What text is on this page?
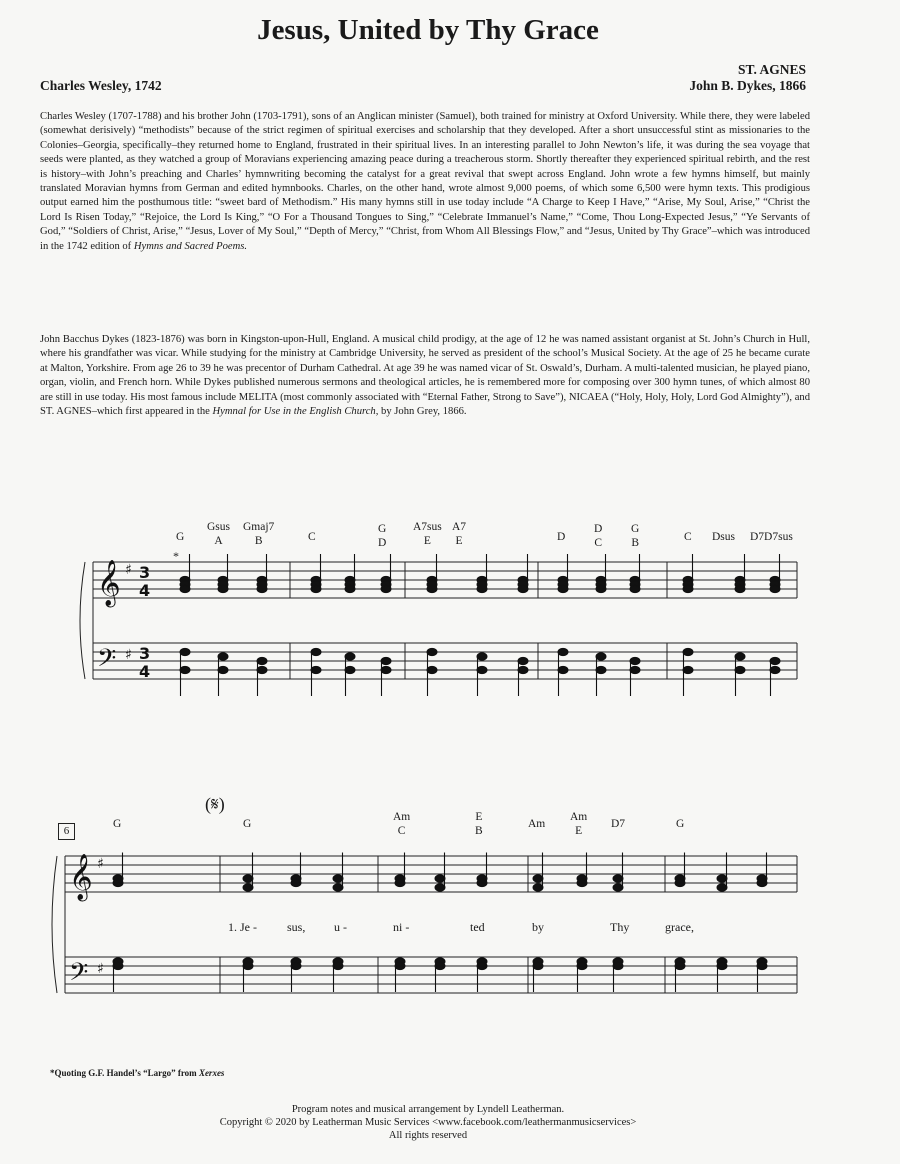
Jesus, United by Thy Grace
ST. AGNES
Charles Wesley, 1742	John B. Dykes, 1866
Charles Wesley (1707-1788) and his brother John (1703-1791), sons of an Anglican minister (Samuel), both trained for ministry at Oxford University. While there, they were labeled (somewhat derisively) “methodists” because of the strict regimen of spiritual exercises and scholarship that they developed. After a short unsuccessful stint as missionaries to the Colonies–Georgia, specifically–they returned home to England, frustrated in their spiritual lives. In an interesting parallel to John Newton’s life, it was during the sea voyage that seeds were planted, as they watched a group of Moravians experiencing amazing peace during a treacherous storm. Shortly thereafter they experienced spiritual rebirth, and the rest is history–with John’s preaching and Charles’ hymnwriting becoming the catalyst for a great revival that swept across England. John wrote a few hymns himself, but mainly translated Moravian hymns from German and edited hymnbooks. Charles, on the other hand, wrote almost 9,000 poems, of which some 6,500 were hymn texts. This prodigious output earned him the posthumous title: “sweet bard of Methodism.” His many hymns still in use today include “A Charge to Keep I Have,” “Arise, My Soul, Arise,” “Christ the Lord Is Risen Today,” “Rejoice, the Lord Is King,” “O For a Thousand Tongues to Sing,” “Celebrate Immanuel’s Name,” “Come, Thou Long-Expected Jesus,” “Ye Servants of God,” “Soldiers of Christ, Arise,” “Jesus, Lover of My Soul,” “Depth of Mercy,” “Christ, from Whom All Blessings Flow,” and “Jesus, United by Thy Grace”–which was introduced in the 1742 edition of Hymns and Sacred Poems.
John Bacchus Dykes (1823-1876) was born in Kingston-upon-Hull, England. A musical child prodigy, at the age of 12 he was named assistant organist at St. John’s Church in Hull, where his grandfather was vicar. While studying for the ministry at Cambridge University, he served as president of the school’s Musical Society. At the age of 25 he became curate at Malton, Yorkshire. From age 26 to 39 he was precentor of Durham Cathedral. At age 39 he was named vicar of St. Oswald’s, Durham. A multi-talented musician, he played piano, organ, violin, and French horn. While Dykes published numerous sermons and theological articles, he is remembered more for composing over 300 hymn tunes, of which almost 80 are still in use today. His most famous include MELITA (most commonly associated with “Eternal Father, Strong to Save”), NICAEA (“Holy, Holy, Holy, Lord God Almighty”), and ST. AGNES–which first appeared in the Hymnal for Use in the English Church, by John Grey, 1866.
G
Gsus
A
Gmaj7
B	C
G
D
A7sus
E
A7
E	D
D
C
G
B	C Dsus D7D7sus
*
(𝄋)
6
G	G
Am
C
E
B
Am
Am
E
D7	G
1. Je -	sus, u -	ni -	ted	by	Thy	grace,
𝄞
𝄢
♯
♯
3
4
3
4
𝄞
𝄢
♯
♯
*Quoting G.F. Handel’s “Largo” from Xerxes
Program notes and musical arrangement by Lyndell Leatherman.
Copyright © 2020 by Leatherman Music Services <www.facebook.com/leathermanmusicservices>
All rights reserved
